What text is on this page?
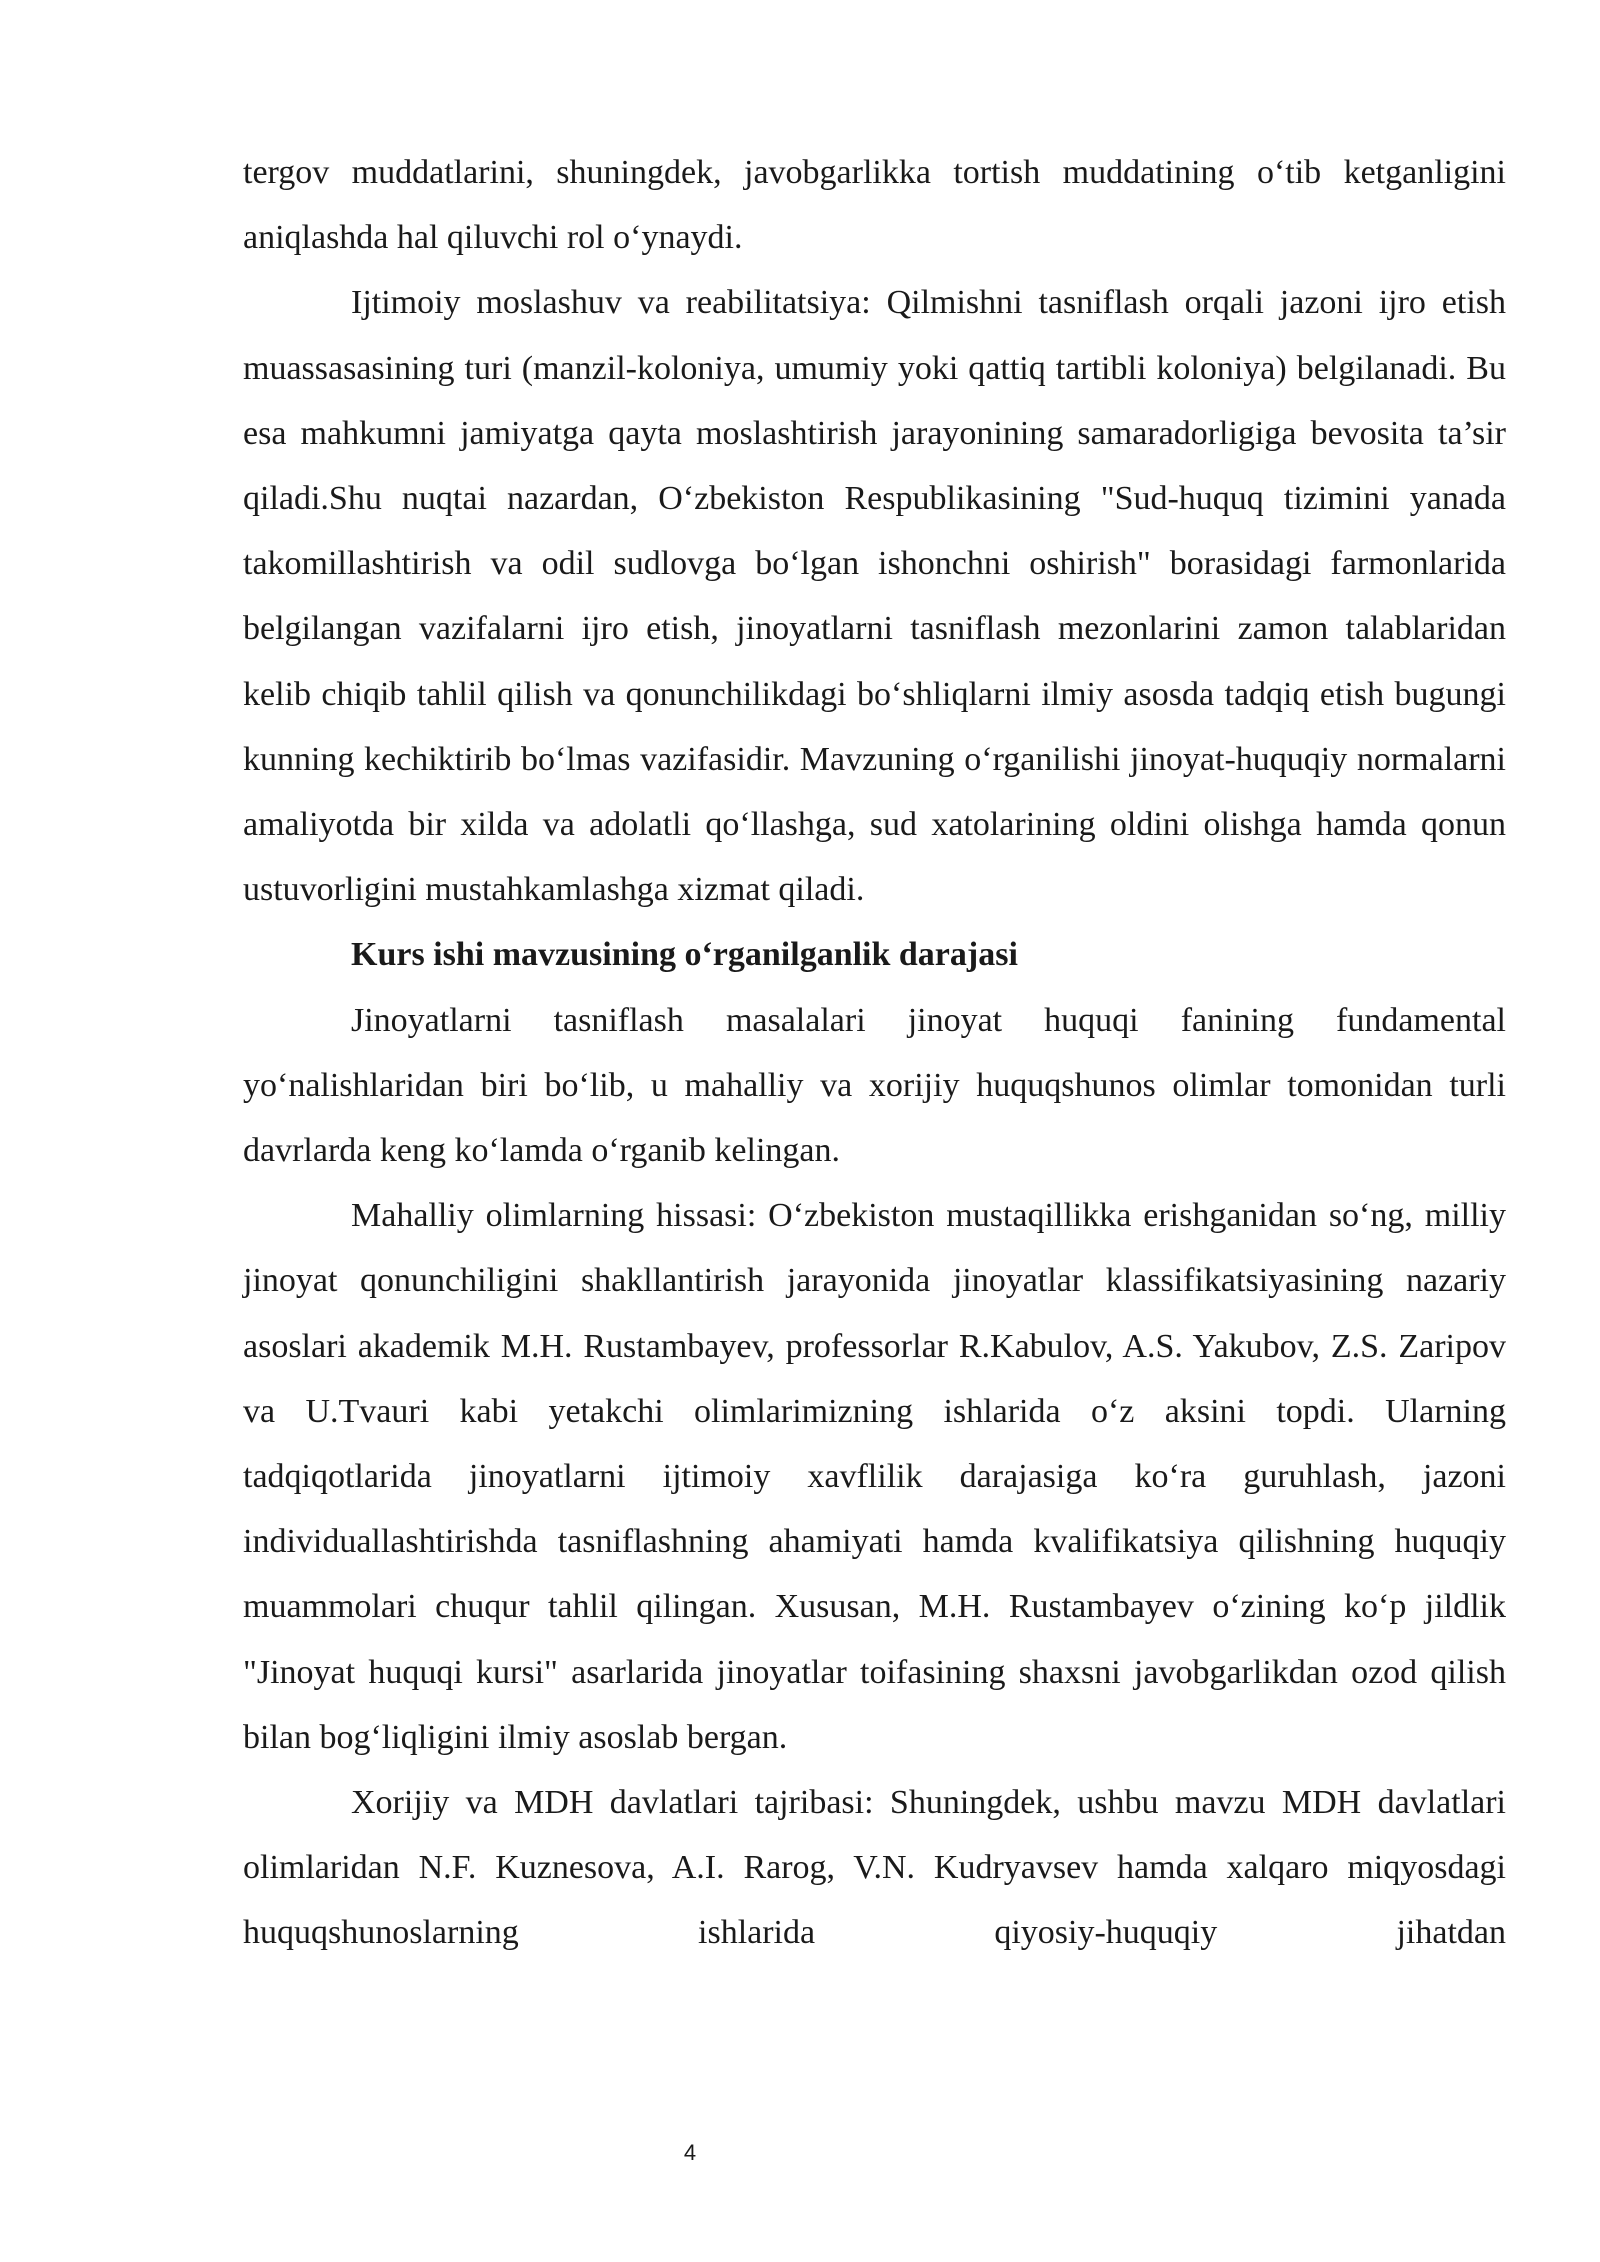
tergov muddatlarini, shuningdek, javobgarlikka tortish muddatining o‘tib ketganligini aniqlashda hal qiluvchi rol o‘ynaydi.

Ijtimoiy moslashuv va reabilitatsiya: Qilmishni tasniflash orqali jazoni ijro etish muassasasining turi (manzil-koloniya, umumiy yoki qattiq tartibli koloniya) belgilanadi. Bu esa mahkumni jamiyatga qayta moslashtirish jarayonining samaradorligiga bevosita ta’sir qiladi.Shu nuqtai nazardan, O‘zbekiston Respublikasining "Sud-huquq tizimini yanada takomillashtirish va odil sudlovga bo‘lgan ishonchni oshirish" borasidagi farmonlarida belgilangan vazifalarni ijro etish, jinoyatlarni tasniflash mezonlarini zamon talablaridan kelib chiqib tahlil qilish va qonunchilikdagi bo‘shliqlarni ilmiy asosda tadqiq etish bugungi kunning kechiktirib bo‘lmas vazifasidir. Mavzuning o‘rganilishi jinoyat-huquqiy normalarni amaliyotda bir xilda va adolatli qo‘llashga, sud xatolarining oldini olishga hamda qonun ustuvorligini mustahkamlashga xizmat qiladi.

Kurs ishi mavzusining o‘rganilganlik darajasi

Jinoyatlarni tasniflash masalalari jinoyat huquqi fanining fundamental yo‘nalishlaridan biri bo‘lib, u mahalliy va xorijiy huquqshunos olimlar tomonidan turli davrlarda keng ko‘lamda o‘rganib kelingan.

Mahalliy olimlarning hissasi: O‘zbekiston mustaqillikka erishganidan so‘ng, milliy jinoyat qonunchiligini shakllantirish jarayonida jinoyatlar klassifikatsiyasining nazariy asoslari akademik M.H. Rustambayev, professorlar R.Kabulov, A.S. Yakubov, Z.S. Zaripov va U.Tvauri kabi yetakchi olimlarimizning ishlarida o‘z aksini topdi. Ularning tadqiqotlarida jinoyatlarni ijtimoiy xavflilik darajasiga ko‘ra guruhlash, jazoni individuallashtirishda tasniflashning ahamiyati hamda kvalifikatsiya qilishning huquqiy muammolari chuqur tahlil qilingan. Xususan, M.H. Rustambayev o‘zining ko‘p jildlik "Jinoyat huquqi kursi" asarlarida jinoyatlar toifasining shaxsni javobgarlikdan ozod qilish bilan bog‘liqligini ilmiy asoslab bergan.

Xorijiy va MDH davlatlari tajribasi: Shuningdek, ushbu mavzu MDH davlatlari olimlaridan N.F. Kuznesova, A.I. Rarog, V.N. Kudryavsev hamda xalqaro miqyosdagi huquqshunoslarning ishlarida qiyosiy-huquqiy jihatdan

4
